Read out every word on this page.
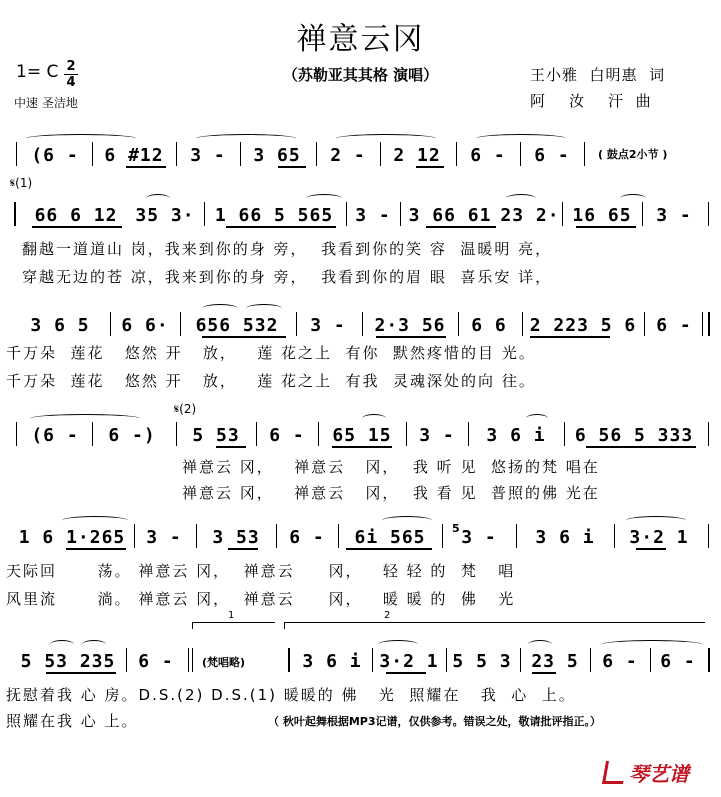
禅意云冈
（苏勒亚其其格 演唱）
1= C 2
4
中速 圣洁地
王小雅  白明惠  词
阿    汝    汗  曲
(6 -	6 #12	3 -	3 65	2 -	2 12	6 -	6 -	( 鼓点2小节 )
𝄋(1)
66 6 12 35 3·	1 66 5 565	3 - 3 66 61 23 2· 16 65	3 -
翻越一道道山 岗，我来到你的身 旁，  我看到你的笑 容  温暖明 亮，
穿越无边的苍 凉，我来到你的身 旁，  我看到你的眉 眼  喜乐安 详，
3 6 5	6 6·	656 532	3 -	2·3 56	6 6	2 223 5 6	6 -
千万朵  莲花   悠然 开   放，   莲 花之上  有你  默然疼惜的目 光。
千万朵  莲花   悠然 开   放，   莲 花之上  有我  灵魂深处的向 往。
𝄋(2)
(6 -	6 -)	5 53	6 -	65 15	3 -	3 6 i	6 56 5 333
禅意云 冈，   禅意云   冈，  我 听 见  悠扬的梵 唱在
禅意云 冈，   禅意云   冈，  我 看 见  普照的佛 光在
1 6 1·265	3 -	3 53	6 -	6i 565	3 -	3 6 i	3·2 1
5
天际回      荡。 禅意云 冈，  禅意云     冈，   轻 轻 的  梵   唱
风里流      淌。 禅意云 冈，  禅意云     冈，   暖 暖 的  佛   光
1	2
5 53 235	6 -	(梵唱略)	3 6 i 3·2 1 5 5 3	23 5	6 -	6 -
抚慰着我 心 房。D.S.(2) D.S.(1) 暖暖的 佛   光  照耀在   我  心  上。
照耀在我 心 上。	（ 秋叶起舞根据MP3记谱，仅供参考。错误之处，敬请批评指正。）
琴艺谱
